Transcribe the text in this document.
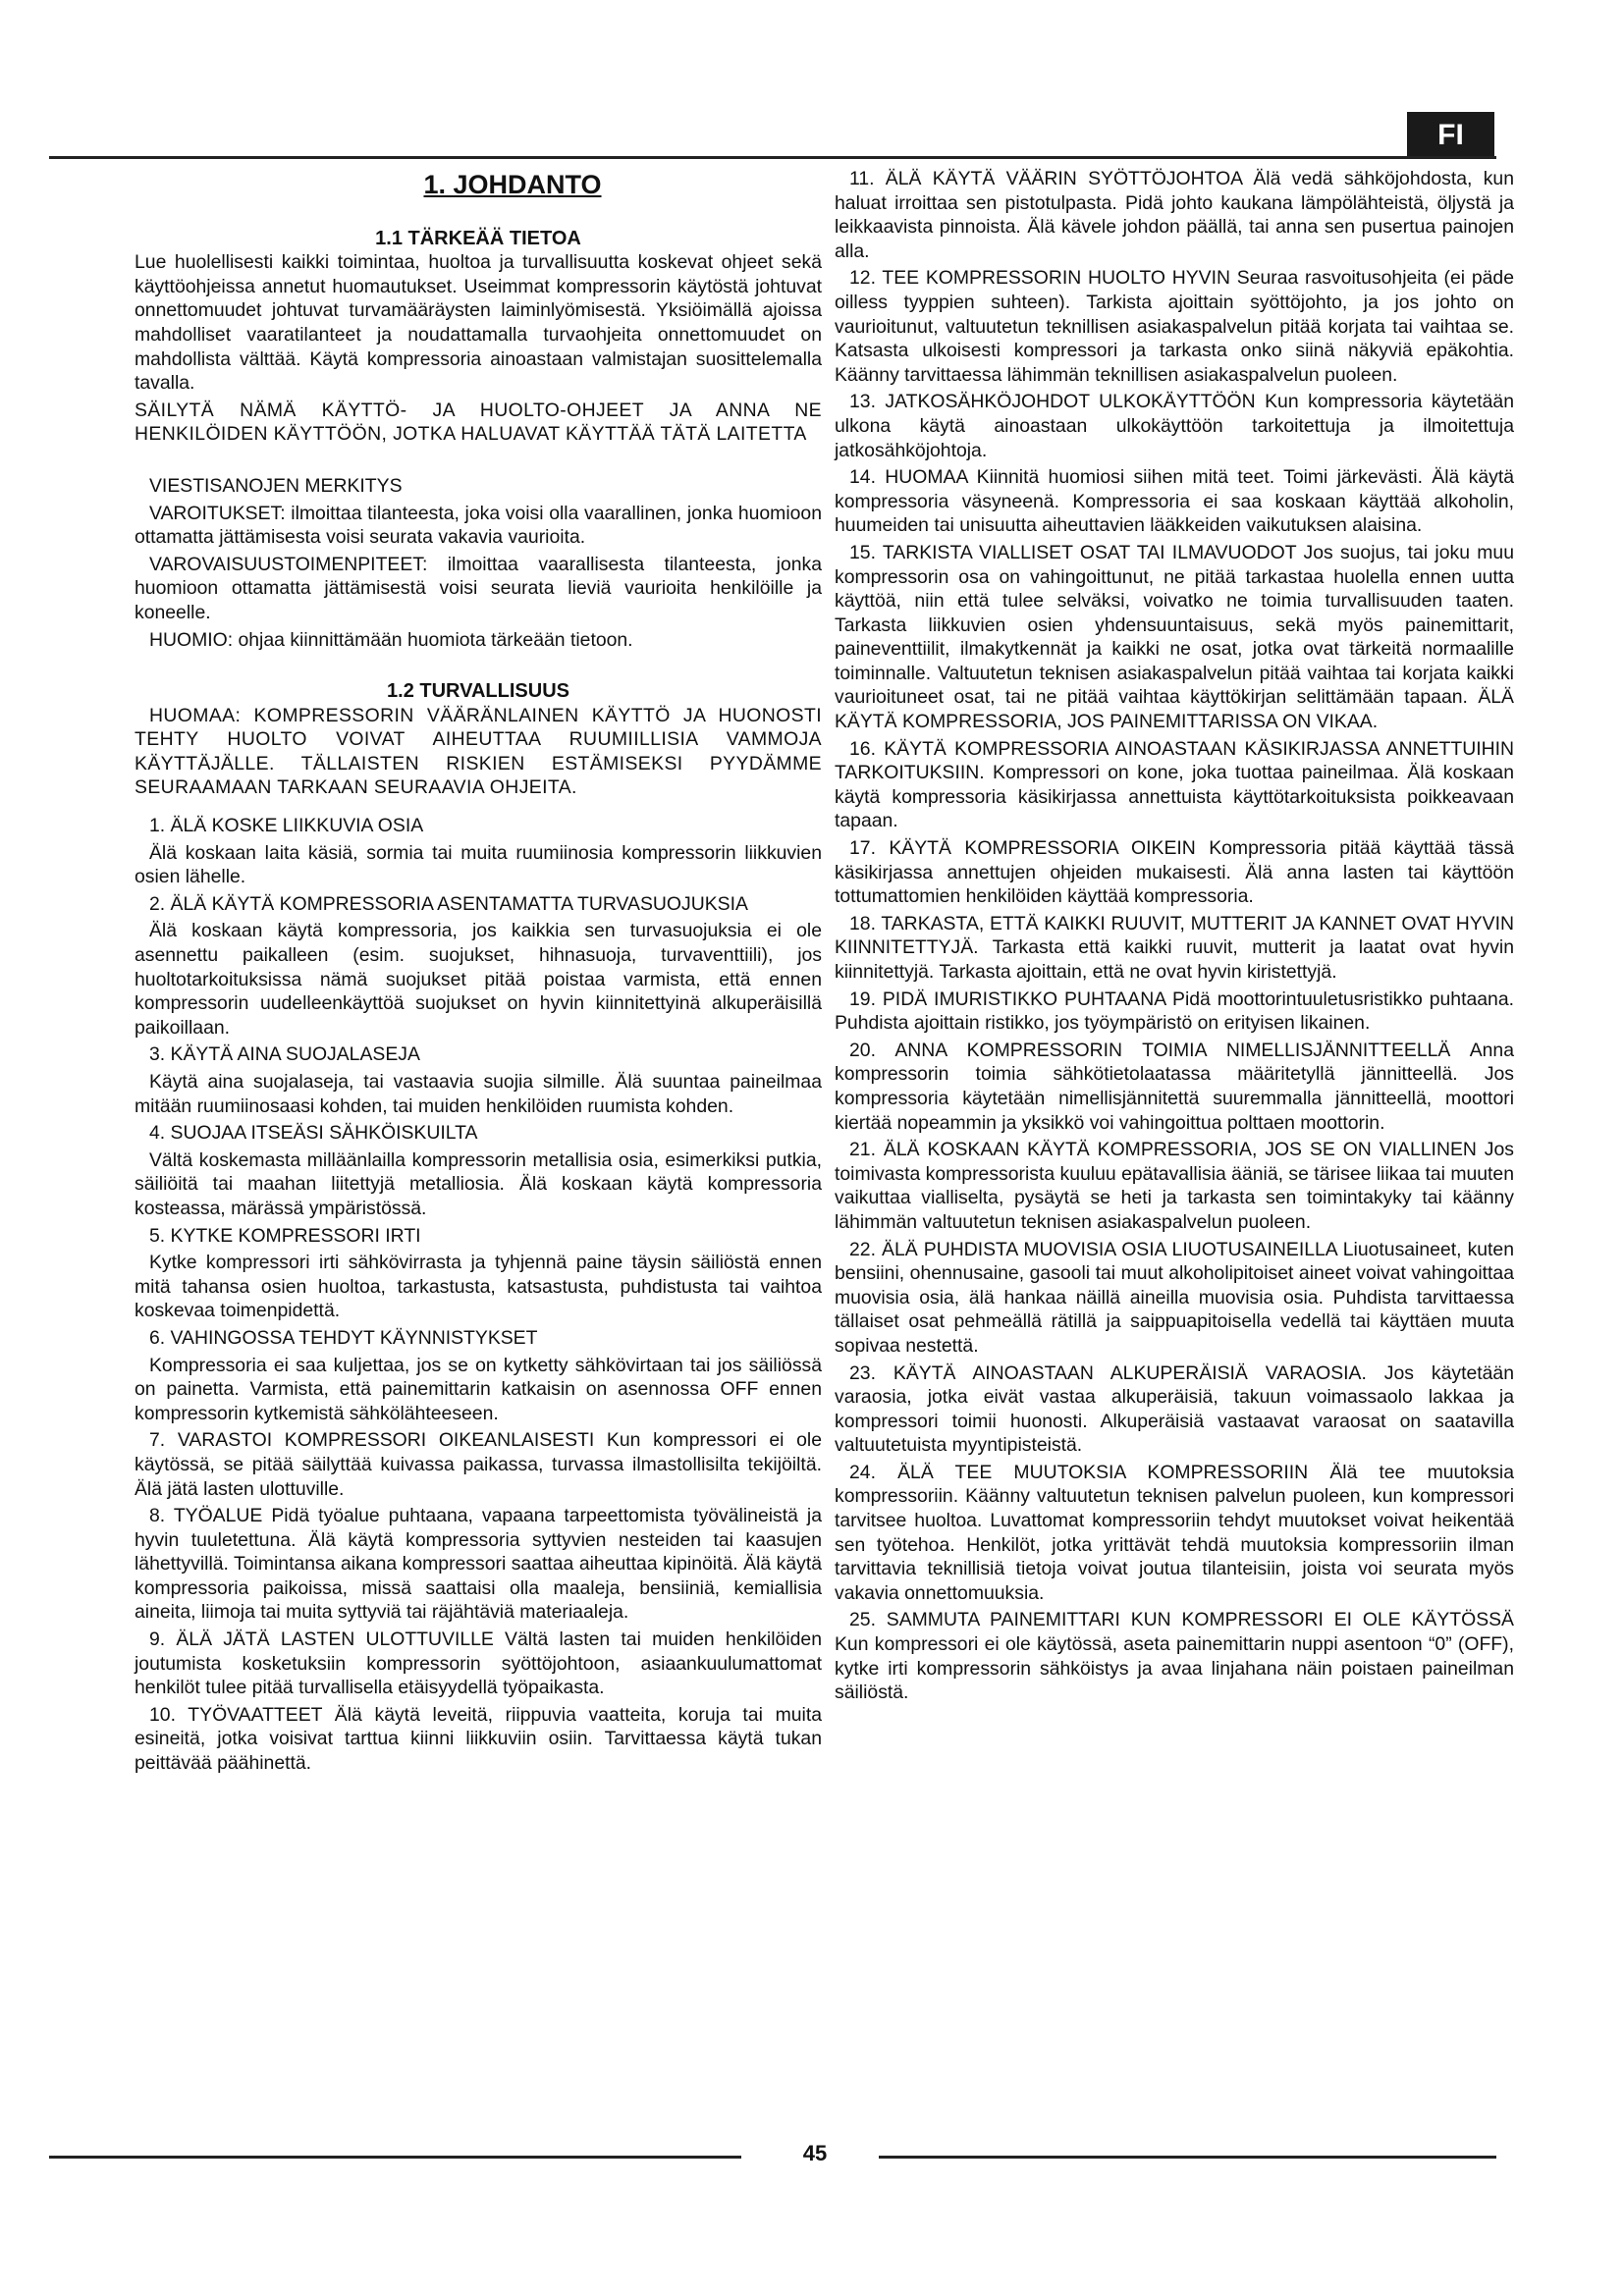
FI
1. JOHDANTO

1.1 TÄRKEÄÄ TIETOA

Lue huolellisesti kaikki toimintaa, huoltoa ja turvallisuutta koskevat ohjeet sekä käyttöohjeissa annetut huomautukset. Useimmat kompressorin käytöstä johtuvat onnettomuudet johtuvat turvamääräysten laiminlyömisestä. Yksiöimällä ajoissa mahdolliset vaaratilanteet ja noudattamalla turvaohjeita onnettomuudet on mahdollista välttää. Käytä kompressoria ainoastaan valmistajan suosittelemalla tavalla.

SÄILYTÄ NÄMÄ KÄYTTÖ- JA HUOLTO-OHJEET JA ANNA NE HENKILÖIDEN KÄYTTÖÖN, JOTKA HALUAVAT KÄYTTÄÄ TÄTÄ LAITETTA

VIESTISANOJEN MERKITYS

VAROITUKSET: ilmoittaa tilanteesta, joka voisi olla vaarallinen, jonka huomioon ottamatta jättämisesta voisi seurata vakavia vaurioita.

VAROVAISUUSTOIMENPITEET: ilmoittaa vaarallisesta tilanteesta, jonka huomioon ottamatta jättämisestä voisi seurata lieviä vaurioita henkilöille ja koneelle.

HUOMIO: ohjaa kiinnittämään huomiota tärkeään tietoon.

1.2 TURVALLISUUS

HUOMAA: KOMPRESSORIN VÄÄRÄNLAINEN KÄYTTÖ JA HUONOSTI TEHTY HUOLTO VOIVAT AIHEUTTAA RUUMIILLISIA VAMMOJA KÄYTTÄJÄLLE. TÄLLAISTEN RISKIEN ESTÄMISEKSI PYYDÄMME SEURAAMAAN TARKAAN SEURAAVIA OHJEITA.

1. ÄLÄ KOSKE LIIKKUVIA OSIA

Älä koskaan laita käsiä, sormia tai muita ruumiinosia kompressorin liikkuvien osien lähelle.

2. ÄLÄ KÄYTÄ KOMPRESSORIA ASENTAMATTA TURVASUOJUKSIA

Älä koskaan käytä kompressoria, jos kaikkia sen turvasuojuksia ei ole asennettu paikalleen (esim. suojukset, hihnasuoja, turvaventtiili), jos huoltotarkoituksissa nämä suojukset pitää poistaa varmista, että ennen kompressorin uudelleenkäyttöä suojukset on hyvin kiinnitettyinä alkuperäisillä paikoillaan.

3. KÄYTÄ AINA SUOJALASEJA

Käytä aina suojalaseja, tai vastaavia suojia silmille. Älä suuntaa paineilmaa mitään ruumiinosaasi kohden, tai muiden henkilöiden ruumista kohden.

4. SUOJAA ITSEÄSI SÄHKÖISKUILTA

Vältä koskemasta milläänlailla kompressorin metallisia osia, esimerkiksi putkia, säiliöitä tai maahan liitettyjä metalliosia. Älä koskaan käytä kompressoria kosteassa, märässä ympäristössä.

5. KYTKE KOMPRESSORI IRTI

Kytke kompressori irti sähkövirrasta ja tyhjennä paine täysin säiliöstä ennen mitä tahansa osien huoltoa, tarkastusta, katsastusta, puhdistusta tai vaihtoa koskevaa toimenpidettä.

6. VAHINGOSSA TEHDYT KÄYNNISTYKSET

Kompressoria ei saa kuljettaa, jos se on kytketty sähkövirtaan tai jos säiliössä on painetta. Varmista, että painemittarin katkaisin on asennossa OFF ennen kompressorin kytkemistä sähkölähteeseen.

7. VARASTOI KOMPRESSORI OIKEANLAISESTI Kun kompressori ei ole käytössä, se pitää säilyttää kuivassa paikassa, turvassa ilmastollisilta tekijöiltä. Älä jätä lasten ulottuville.

8. TYÖALUE Pidä työalue puhtaana, vapaana tarpeettomista työvälineistä ja hyvin tuuletettuna. Älä käytä kompressoria syttyvien nesteiden tai kaasujen lähettyvillä. Toimintansa aikana kompressori saattaa aiheuttaa kipinöitä. Älä käytä kompressoria paikoissa, missä saattaisi olla maaleja, bensiiniä, kemiallisia aineita, liimoja tai muita syttyviä tai räjähtäviä materiaaleja.

9. ÄLÄ JÄTÄ LASTEN ULOTTUVILLE Vältä lasten tai muiden henkilöiden joutumista kosketuksiin kompressorin syöttöjohtoon, asiaankuulumattomat henkilöt tulee pitää turvallisella etäisyydellä työpaikasta.

10. TYÖVAATTEET Älä käytä leveitä, riippuvia vaatteita, koruja tai muita esineitä, jotka voisivat tarttua kiinni liikkuviin osiin. Tarvittaessa käytä tukan peittävää päähinettä.

11. ÄLÄ KÄYTÄ VÄÄRIN SYÖTTÖJOHTOA Älä vedä sähköjohdosta, kun haluat irroittaa sen pistotulpasta. Pidä johto kaukana lämpölähteistä, öljystä ja leikkaavista pinnoista. Älä kävele johdon päällä, tai anna sen pusertua painojen alla.

12. TEE KOMPRESSORIN HUOLTO HYVIN Seuraa rasvoitusohjeita (ei päde oilless tyyppien suhteen). Tarkista ajoittain syöttöjohto, ja jos johto on vaurioitunut, valtuutetun teknillisen asiakaspalvelun pitää korjata tai vaihtaa se. Katsasta ulkoisesti kompressori ja tarkasta onko siinä näkyviä epäkohtia. Käänny tarvittaessa lähimmän teknillisen asiakaspalvelun puoleen.

13. JATKOSÄHKÖJOHDOT ULKOKÄYTTÖÖN Kun kompressoria käytetään ulkona käytä ainoastaan ulkokäyttöön tarkoitettuja ja ilmoitettuja jatkosähköjohtoja.

14. HUOMAA Kiinnitä huomiosi siihen mitä teet. Toimi järkevästi. Älä käytä kompressoria väsyneenä. Kompressoria ei saa koskaan käyttää alkoholin, huumeiden tai unisuutta aiheuttavien lääkkeiden vaikutuksen alaisina.

15. TARKISTA VIALLISET OSAT TAI ILMAVUODOT Jos suojus, tai joku muu kompressorin osa on vahingoittunut, ne pitää tarkastaa huolella ennen uutta käyttöä, niin että tulee selväksi, voivatko ne toimia turvallisuuden taaten. Tarkasta liikkuvien osien yhdensuuntaisuus, sekä myös painemittarit, paineventtiilit, ilmakytkennät ja kaikki ne osat, jotka ovat tärkeitä normaalille toiminnalle. Valtuutetun teknisen asiakaspalvelun pitää vaihtaa tai korjata kaikki vaurioituneet osat, tai ne pitää vaihtaa käyttökirjan selittämään tapaan. ÄLÄ KÄYTÄ KOMPRESSORIA, JOS PAINEMITTARISSA ON VIKAA.

16. KÄYTÄ KOMPRESSORIA AINOASTAAN KÄSIKIRJASSA ANNETTUIHIN TARKOITUKSIIN. Kompressori on kone, joka tuottaa paineilmaa. Älä koskaan käytä kompressoria käsikirjassa annettuista käyttötarkoituksista poikkeavaan tapaan.

17. KÄYTÄ KOMPRESSORIA OIKEIN Kompressoria pitää käyttää tässä käsikirjassa annettujen ohjeiden mukaisesti. Älä anna lasten tai käyttöön tottumattomien henkilöiden käyttää kompressoria.

18. TARKASTA, ETTÄ KAIKKI RUUVIT, MUTTERIT JA KANNET OVAT HYVIN KIINNITETTYJÄ. Tarkasta että kaikki ruuvit, mutterit ja laatat ovat hyvin kiinnitettyjä. Tarkasta ajoittain, että ne ovat hyvin kiristettyjä.

19. PIDÄ IMURISTIKKO PUHTAANA Pidä moottorintuuletusristikko puhtaana. Puhdista ajoittain ristikko, jos työympäristö on erityisen likainen.

20. ANNA KOMPRESSORIN TOIMIA NIMELLISJÄNNITTEELLÄ Anna kompressorin toimia sähkötietolaatassa määritetyllä jännitteellä. Jos kompressoria käytetään nimellisjännitettä suuremmalla jännitteellä, moottori kiertää nopeammin ja yksikkö voi vahingoittua polttaen moottorin.

21. ÄLÄ KOSKAAN KÄYTÄ KOMPRESSORIA, JOS SE ON VIALLINEN Jos toimivasta kompressorista kuuluu epätavallisia ääniä, se tärisee liikaa tai muuten vaikuttaa vialliselta, pysäytä se heti ja tarkasta sen toimintakyky tai käänny lähimmän valtuutetun teknisen asiakaspalvelun puoleen.

22. ÄLÄ PUHDISTA MUOVISIA OSIA LIUOTUSAINEILLA Liuotusaineet, kuten bensiini, ohennusaine, gasooli tai muut alkoholipitoiset aineet voivat vahingoittaa muovisia osia, älä hankaa näillä aineilla muovisia osia. Puhdista tarvittaessa tällaiset osat pehmeällä rätillä ja saippuapitoisella vedellä tai käyttäen muuta sopivaa nestettä.

23. KÄYTÄ AINOASTAAN ALKUPERÄISIÄ VARAOSIA. Jos käytetään varaosia, jotka eivät vastaa alkuperäisiä, takuun voimassaolo lakkaa ja kompressori toimii huonosti. Alkuperäisiä vastaavat varaosat on saatavilla valtuutetuista myyntipisteistä.

24. ÄLÄ TEE MUUTOKSIA KOMPRESSORIIN Älä tee muutoksia kompressoriin. Käänny valtuutetun teknisen palvelun puoleen, kun kompressori tarvitsee huoltoa. Luvattomat kompressoriin tehdyt muutokset voivat heikentää sen työtehoa. Henkilöt, jotka yrittävät tehdä muutoksia kompressoriin ilman tarvittavia teknillisiä tietoja voivat joutua tilanteisiin, joista voi seurata myös vakavia onnettomuuksia.

25. SAMMUTA PAINEMITTARI KUN KOMPRESSORI EI OLE KÄYTÖSSÄ Kun kompressori ei ole käytössä, aseta painemittarin nuppi asentoon “0” (OFF), kytke irti kompressorin sähköistys ja avaa linjahana näin poistaen paineilman säiliöstä.

45
